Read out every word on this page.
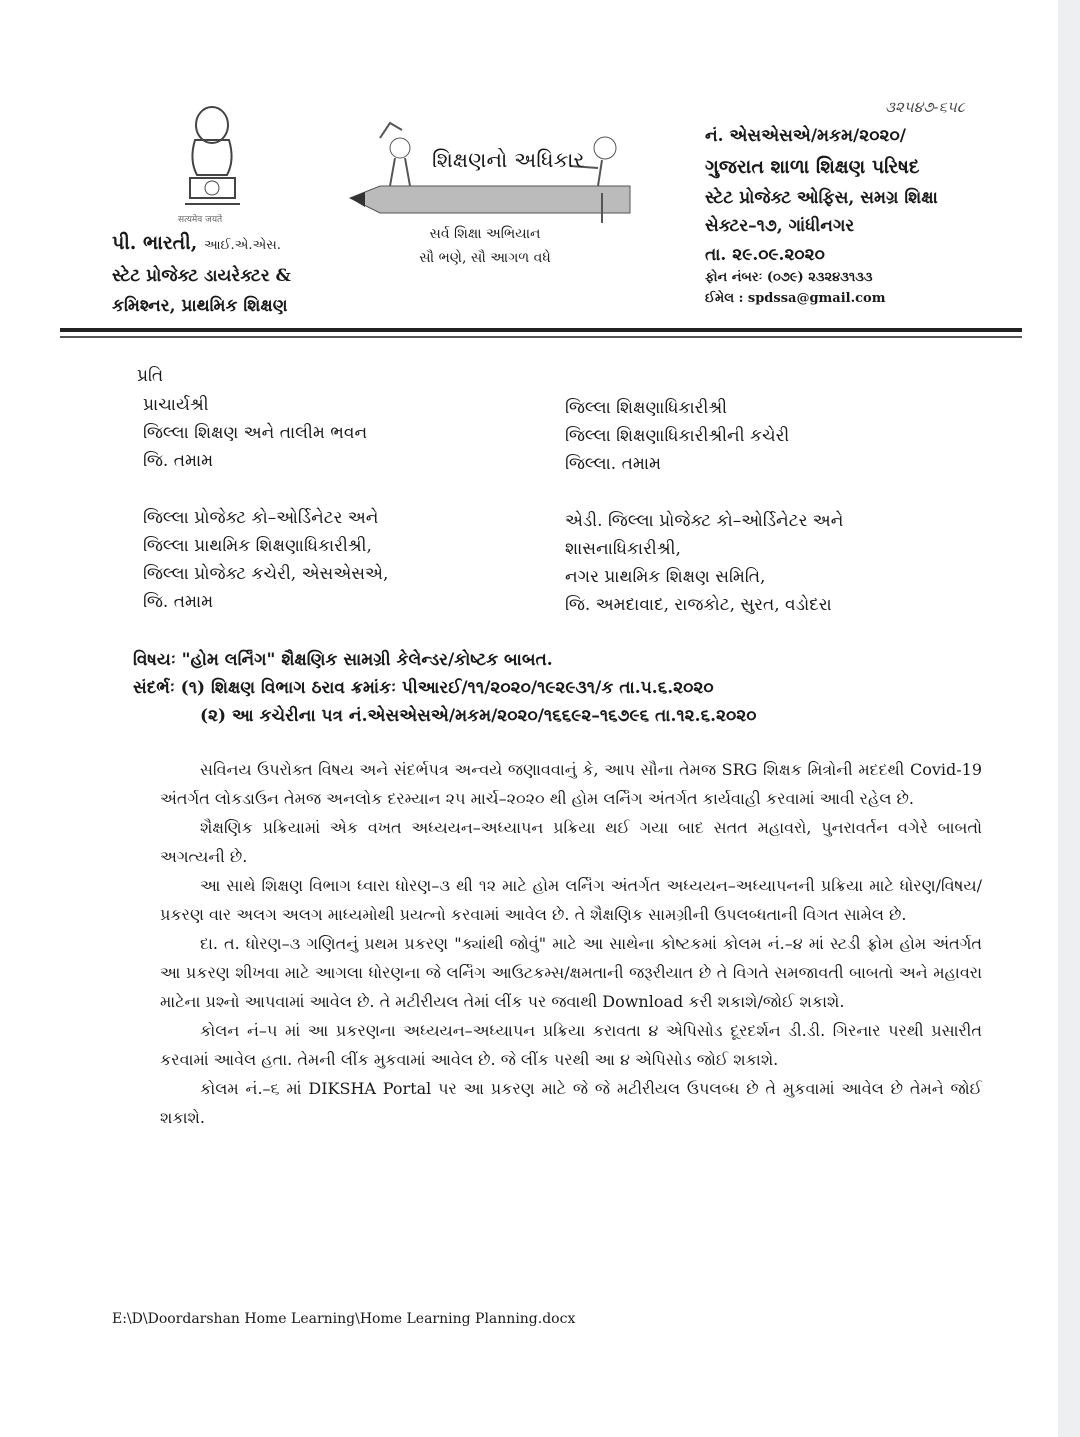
सत्यमेव जयते
પી. ભારતી, આઈ.એ.એસ.
સ્ટેટ પ્રોજેક્ટ ડાયરેક્ટર &
કમિશ્નર, પ્રાથમિક શિક્ષણ
શિક્ષણનો અધિકાર
સર્વ શિક્ષા અભિયાન
સૌ ભણે, સૌ આગળ વધે
૩૨૫૪૭-૬૫૮
નં. એસએસએ/મકમ/૨૦૨૦/
ગુજરાત શાળા શિક્ષણ પરિષદ
સ્ટેટ પ્રોજેક્ટ ઓફિસ, સમગ્ર શિક્ષા
સેક્ટર–૧૭, ગાંધીનગર
તા. ૨૯.૦૯.૨૦૨૦
ફોન નંબરઃ (૦૭૯) ૨૩૨૪૩૧૩૩
ઈમેલ : spdssa@gmail.com
પ્રતિ
પ્રાચાર્યશ્રી
જિલ્લા શિક્ષણ અને તાલીમ ભવન
જિ. તમામ
જિલ્લા શિક્ષણાધિકારીશ્રી
જિલ્લા શિક્ષણાધિકારીશ્રીની કચેરી
જિલ્લા. તમામ
જિલ્લા પ્રોજેક્ટ કો–ઓર્ડિનેટર અને
જિલ્લા પ્રાથમિક શિક્ષણાધિકારીશ્રી,
જિલ્લા પ્રોજેક્ટ કચેરી, એસએસએ,
જિ. તમામ
એડી. જિલ્લા પ્રોજેક્ટ કો–ઓર્ડિનેટર અને
શાસનાધિકારીશ્રી,
નગર પ્રાથમિક શિક્ષણ સમિતિ,
જિ. અમદાવાદ, રાજકોટ, સુરત, વડોદરા
વિષયઃ "હોમ લર્નિંગ" શૈક્ષણિક સામગ્રી કેલેન્ડર/કોષ્ટક બાબત.
સંદર્ભઃ (૧) શિક્ષણ વિભાગ ઠરાવ ક્રમાંકઃ પીઆરઈ/૧૧/૨૦૨૦/૧૯૨૯૩૧/ક તા.૫.૬.૨૦૨૦
(૨) આ કચેરીના પત્ર નં.એસએસએ/મકમ/૨૦૨૦/૧૬૬૯૨–૧૬૭૯૬ તા.૧૨.૬.૨૦૨૦

સવિનય ઉપરોક્ત વિષય અને સંદર્ભપત્ર અન્વયે જણાવવાનું કે, આપ સૌના તેમજ SRG શિક્ષક મિત્રોની મદદથી Covid-19 અંતર્ગત લોકડાઉન તેમજ અનલોક દરમ્યાન ૨૫ માર્ચ–૨૦૨૦ થી હોમ લર્નિંગ અંતર્ગત કાર્યવાહી કરવામાં આવી રહેલ છે.

શૈક્ષણિક પ્રક્રિયામાં એક વખત અધ્યયન–અધ્યાપન પ્રક્રિયા થઈ ગયા બાદ સતત મહાવરો, પુનરાવર્તન વગેરે બાબતો અગત્યની છે.

આ સાથે શિક્ષણ વિભાગ ધ્વારા ધોરણ–૩ થી ૧૨ માટે હોમ લર્નિંગ અંતર્ગત અધ્યયન–અધ્યાપનની પ્રક્રિયા માટે ધોરણ/વિષય/પ્રકરણ વાર અલગ અલગ માધ્યમોથી પ્રયત્નો કરવામાં આવેલ છે. તે શૈક્ષણિક સામગ્રીની ઉપલબ્ધતાની વિગત સામેલ છે.

દા. ત. ધોરણ–૩ ગણિતનું પ્રથમ પ્રકરણ "ક્યાંથી જોવું" માટે આ સાથેના કોષ્ટકમાં કોલમ નં.–૪ માં સ્ટડી ફ્રોમ હોમ અંતર્ગત આ પ્રકરણ શીખવા માટે આગલા ધોરણના જે લર્નિંગ આઉટકમ્સ/ક્ષમતાની જરૂરીયાત છે તે વિગતે સમજાવતી બાબતો અને મહાવરા માટેના પ્રશ્નો આપવામાં આવેલ છે. તે મટીરીયલ તેમાં લીંક પર જવાથી Download કરી શકાશે/જોઈ શકાશે.

કોલન નં–૫ માં આ પ્રકરણના અધ્યયન–અધ્યાપન પ્રક્રિયા કરાવતા ૪ એપિસોડ દૂરદર્શન ડી.ડી. ગિરનાર પરથી પ્રસારીત કરવામાં આવેલ હતા. તેમની લીંક મુકવામાં આવેલ છે. જે લીંક પરથી આ ૪ એપિસોડ જોઈ શકાશે.

કોલમ નં.–૬ માં DIKSHA Portal પર આ પ્રકરણ માટે જે જે મટીરીયલ ઉપલબ્ધ છે તે મુકવામાં આવેલ છે તેમને જોઈ શકાશે.

E:\D\Doordarshan Home Learning\Home Learning Planning.docx
